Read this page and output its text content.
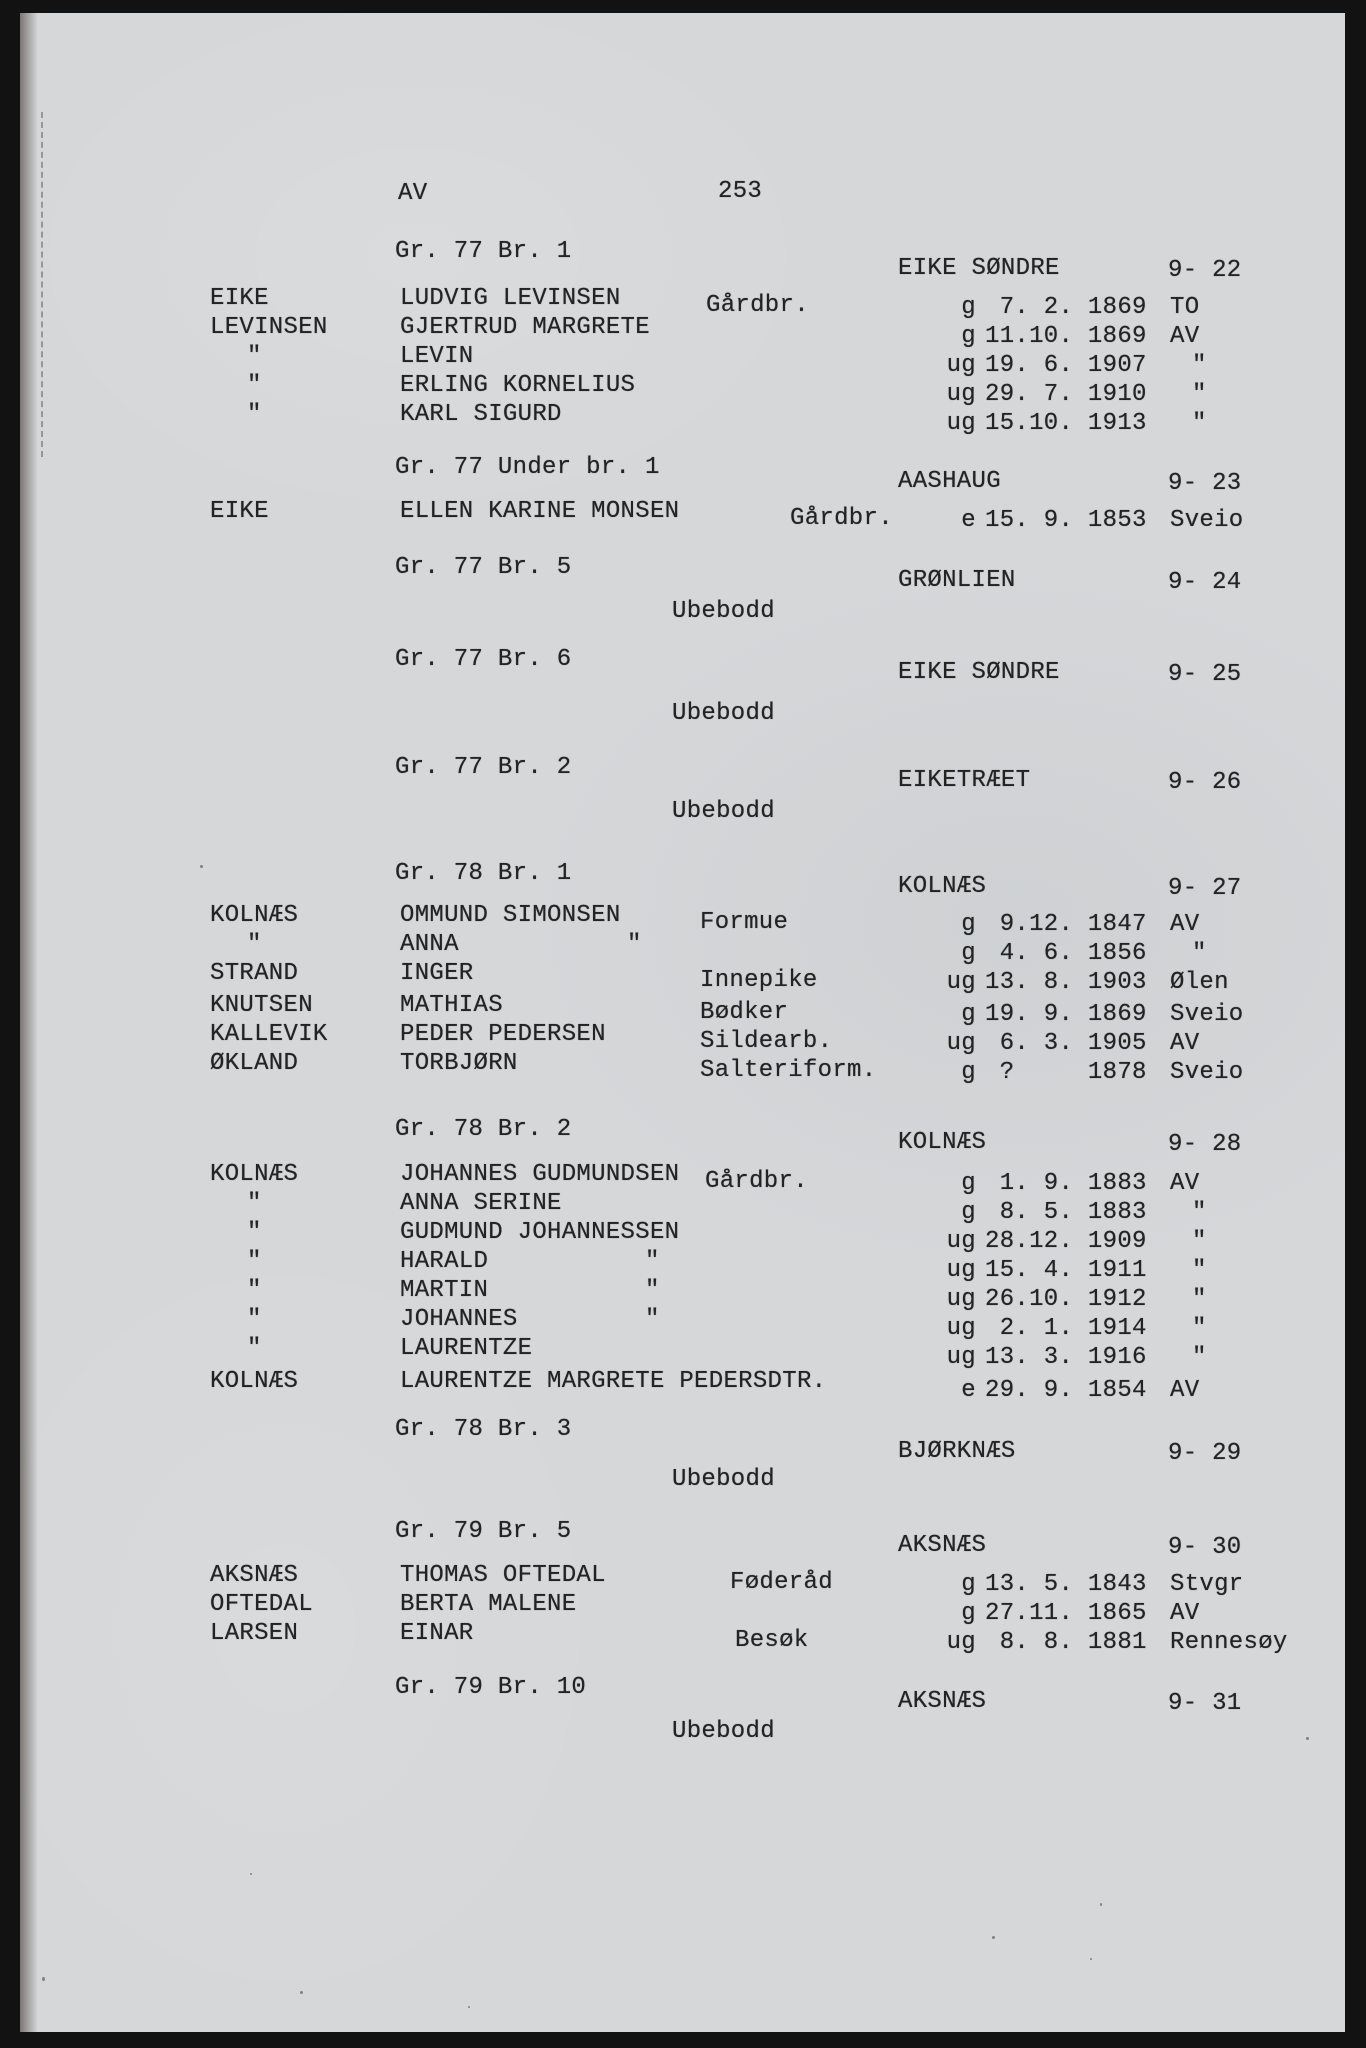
AV	253
Gr. 77 Br. 1
EIKE SØNDRE	9- 22
EIKE	LUDVIG LEVINSEN	Gårdbr.	g 7. 2. 1869 TO
LEVINSEN	GJERTRUD MARGRETE	g 11.10. 1869 AV
"	LEVIN	ug 19. 6. 1907 "
"	ERLING KORNELIUS	ug 29. 7. 1910 "
"	KARL SIGURD	ug 15.10. 1913 "
Gr. 77 Under br. 1
AASHAUG	9- 23
EIKE	ELLEN KARINE MONSEN	Gårdbr.	e 15. 9. 1853 Sveio
Gr. 77 Br. 5	GRØNLIEN	9- 24
Ubebodd
Gr. 77 Br. 6	EIKE SØNDRE	9- 25
Ubebodd
Gr. 77 Br. 2	EIKETRÆET	9- 26
Ubebodd
Gr. 78 Br. 1	KOLNÆS	9- 27
KOLNÆS	OMMUND SIMONSEN	Formue	g 9.12. 1847 AV
"	ANNA	"	g 4. 6. 1856 "
STRAND	INGER	Innepike	ug 13. 8. 1903 Ølen
KNUTSEN	MATHIAS	Bødker	g 19. 9. 1869 Sveio
KALLEVIK	PEDER PEDERSEN	Sildearb.	ug 6. 3. 1905 AV
ØKLAND	TORBJØRN	Salteriform.	g ?     1878 Sveio
Gr. 78 Br. 2	KOLNÆS	9- 28
KOLNÆS	JOHANNES GUDMUNDSEN Gårdbr.	g 1. 9. 1883 AV
"	ANNA SERINE	g 8. 5. 1883 "
"	GUDMUND JOHANNESSEN	ug 28.12. 1909 "
"	HARALD	"	ug 15. 4. 1911 "
"	MARTIN	"	ug 26.10. 1912 "
"	JOHANNES	"	ug 2. 1. 1914 "
"	LAURENTZE	ug 13. 3. 1916 "
KOLNÆS	LAURENTZE MARGRETE PEDERSDTR.	e 29. 9. 1854 AV
Gr. 78 Br. 3
BJØRKNÆS	9- 29
Ubebodd
Gr. 79 Br. 5
AKSNÆS	9- 30
AKSNÆS	THOMAS OFTEDAL	Føderåd	g 13. 5. 1843 Stvgr
OFTEDAL	BERTA MALENE	g 27.11. 1865 AV
LARSEN	EINAR	Besøk	ug 8. 8. 1881 Rennesøy
Gr. 79 Br. 10
AKSNÆS	9- 31
Ubebodd
